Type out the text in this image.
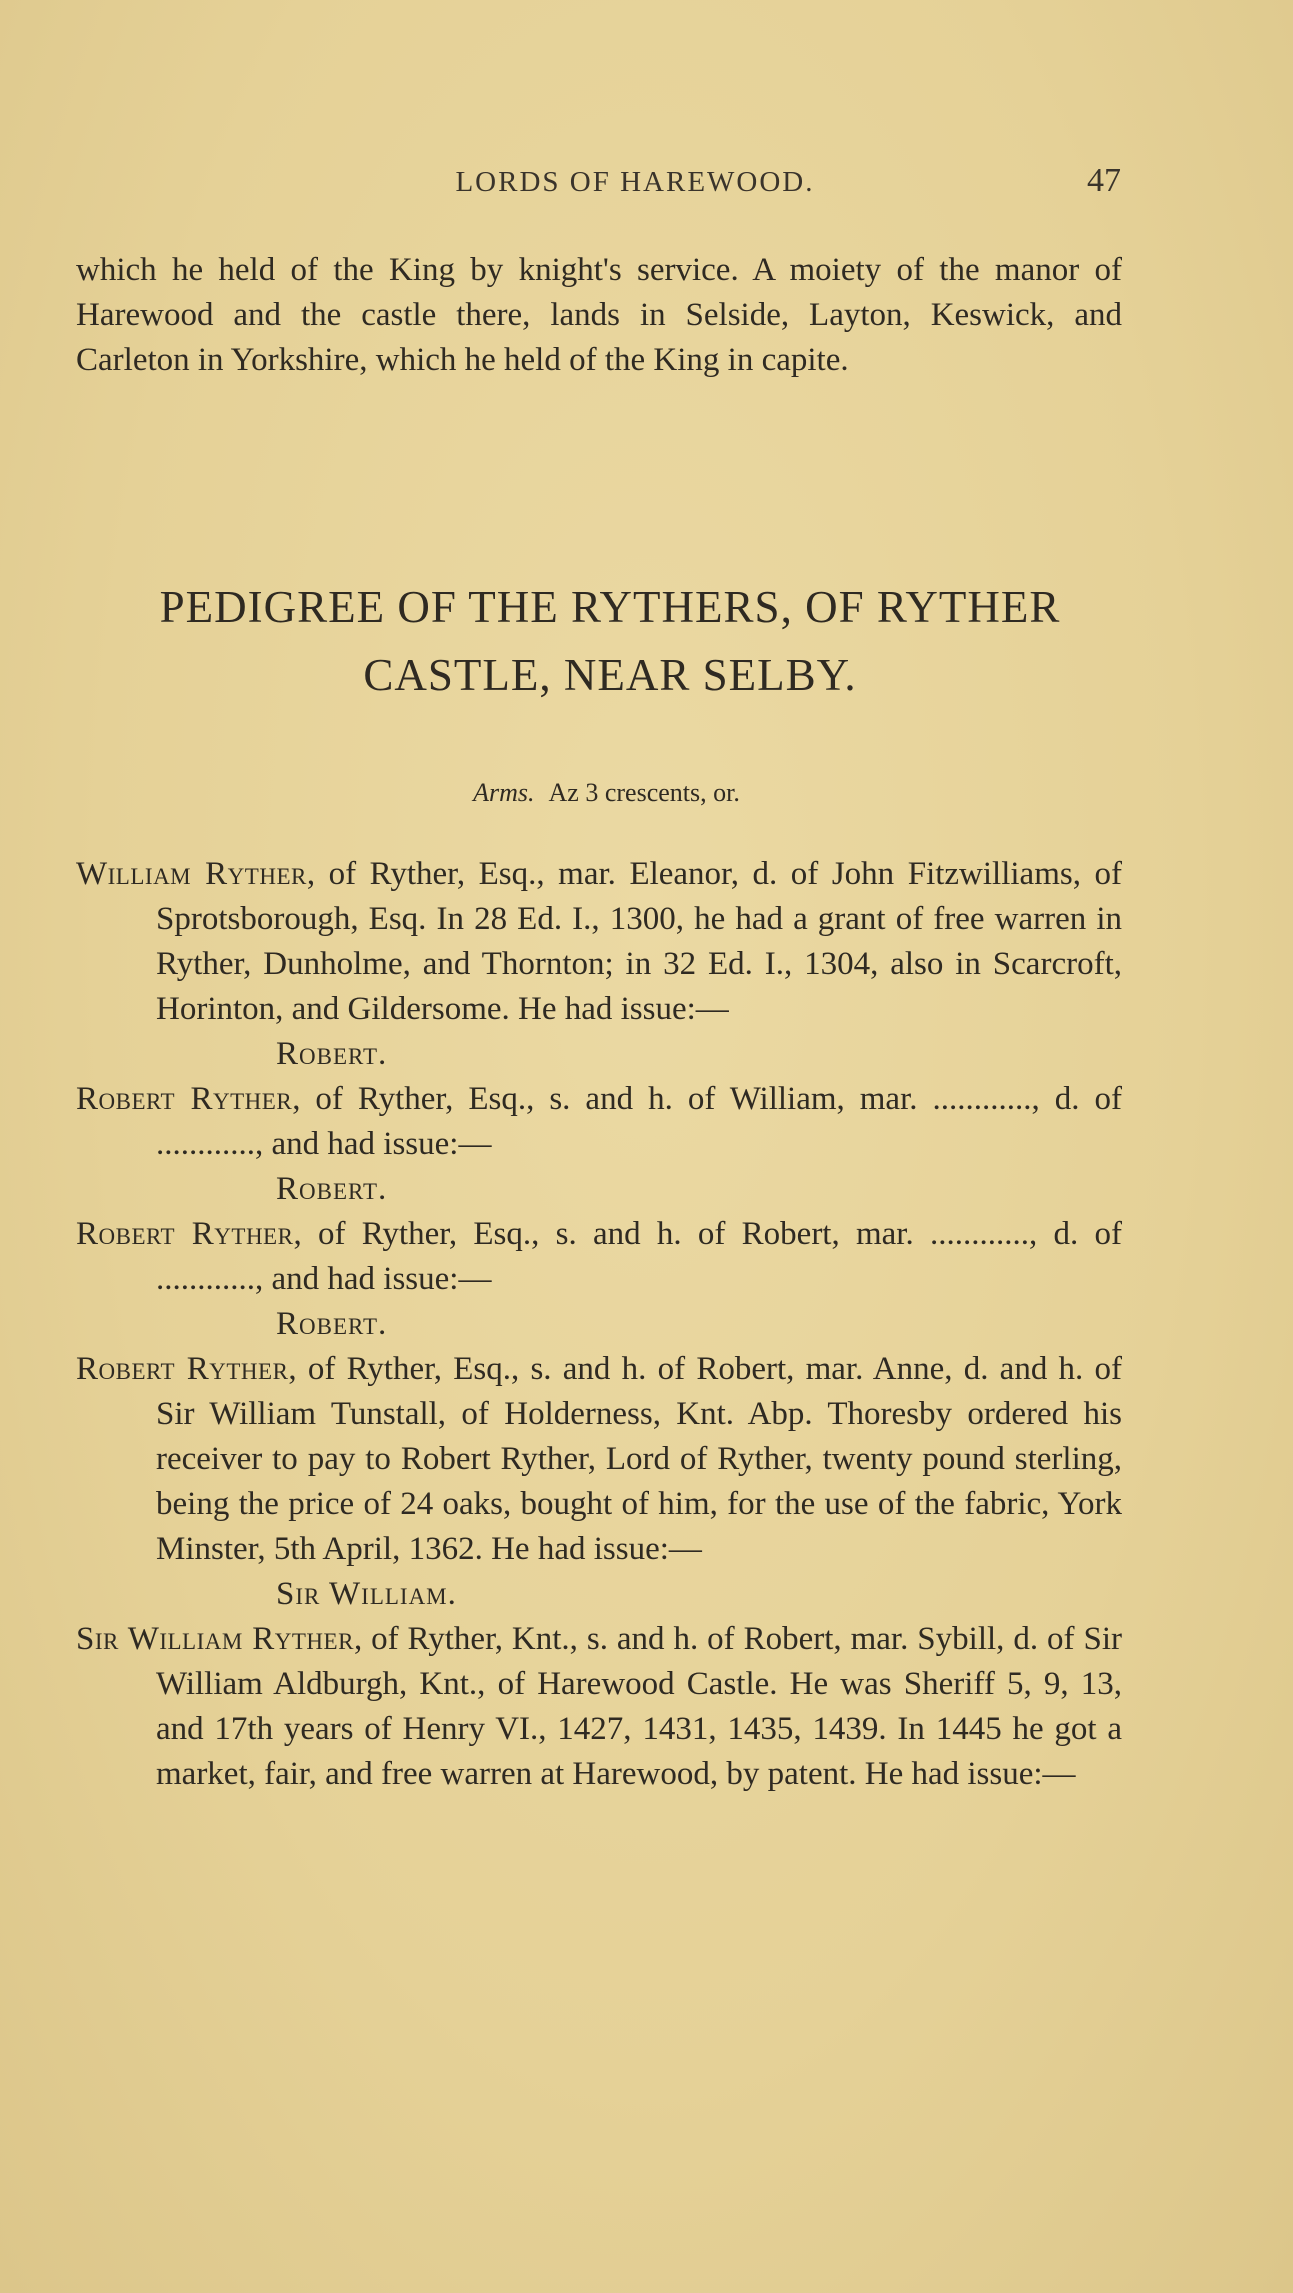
LORDS OF HAREWOOD.	47

which he held of the King by knight's service. A moiety of the manor of Harewood and the castle there, lands in Selside, Layton, Keswick, and Carleton in Yorkshire, which he held of the King in capite.

PEDIGREE OF THE RYTHERS, OF RYTHER
CASTLE, NEAR SELBY.
Arms. Az 3 crescents, or.

William Ryther, of Ryther, Esq., mar. Eleanor, d. of John Fitzwilliams, of Sprotsborough, Esq. In 28 Ed. I., 1300, he had a grant of free warren in Ryther, Dunholme, and Thornton; in 32 Ed. I., 1304, also in Scarcroft, Horinton, and Gildersome. He had issue:—

Robert.

Robert Ryther, of Ryther, Esq., s. and h. of William, mar. ............, d. of ............, and had issue:—

Robert.

Robert Ryther, of Ryther, Esq., s. and h. of Robert, mar. ............, d. of ............, and had issue:—

Robert.

Robert Ryther, of Ryther, Esq., s. and h. of Robert, mar. Anne, d. and h. of Sir William Tunstall, of Holderness, Knt. Abp. Thoresby ordered his receiver to pay to Robert Ryther, Lord of Ryther, twenty pound sterling, being the price of 24 oaks, bought of him, for the use of the fabric, York Minster, 5th April, 1362. He had issue:—

Sir William.

Sir William Ryther, of Ryther, Knt., s. and h. of Robert, mar. Sybill, d. of Sir William Aldburgh, Knt., of Harewood Castle. He was Sheriff 5, 9, 13, and 17th years of Henry VI., 1427, 1431, 1435, 1439. In 1445 he got a market, fair, and free warren at Harewood, by patent. He had issue:—
